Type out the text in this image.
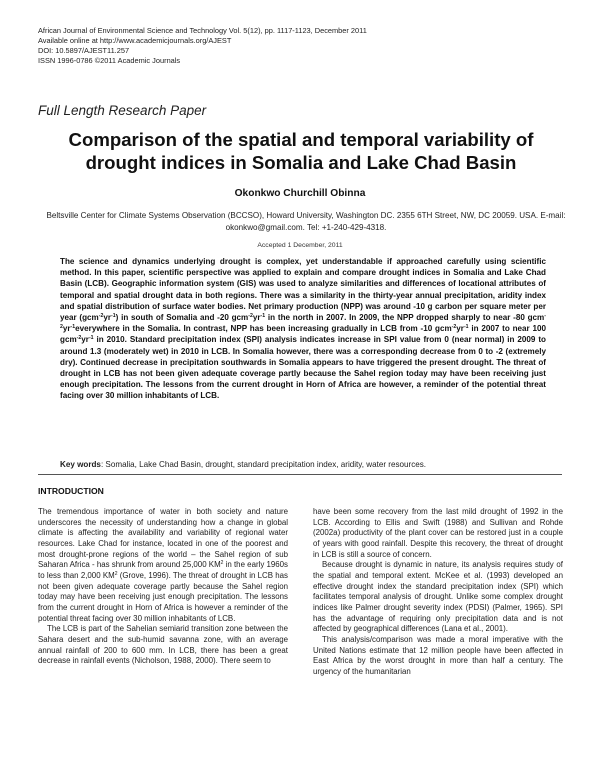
African Journal of Environmental Science and Technology Vol. 5(12), pp. 1117-1123, December 2011
Available online at http://www.academicjournals.org/AJEST
DOI: 10.5897/AJEST11.257
ISSN 1996-0786 ©2011 Academic Journals
Full Length Research Paper
Comparison of the spatial and temporal variability of
drought indices in Somalia and Lake Chad Basin
Okonkwo Churchill Obinna
Beltsville Center for Climate Systems Observation (BCCSO), Howard University, Washington DC. 2355 6TH Street, NW, DC 20059. USA. E-mail: okonkwo@gmail.com. Tel: +1-240-429-4318.
Accepted 1 December, 2011
The science and dynamics underlying drought is complex, yet understandable if approached carefully using scientific method. In this paper, scientific perspective was applied to explain and compare drought indices in Somalia and Lake Chad Basin (LCB). Geographic information system (GIS) was used to analyze similarities and differences of locational attributes of temporal and spatial drought data in both regions. There was a similarity in the thirty-year annual precipitation, aridity index and spatial distribution of surface water bodies. Net primary production (NPP) was around -10 g carbon per square meter per year $(gcm^{-2}yr^{-1})$ in south of Somalia and -20 $gcm^{-2}yr^{-1}$ in the north in 2007. In 2009, the NPP dropped sharply to near -80 $gcm^{-2}yr^{-1}everywhere$ in the Somalia. In contrast, NPP has been increasing gradually in LCB from -10 $gcm^{-2}yr^{-1}$ in 2007 to near 100 $gcm^{-2}yr^{-1}$ in 2010. Standard precipitation index (SPI) analysis indicates increase in SPI value from 0 (near normal) in 2009 to around 1.3 (moderately wet) in 2010 in LCB. In Somalia however, there was a corresponding decrease from 0 to -2 (extremely dry). Continued decrease in precipitation southwards in Somalia appears to have triggered the present drought. The threat of drought in LCB has not been given adequate coverage partly because the Sahel region today may have been receiving just enough precipitation. The lessons from the current drought in Horn of Africa are however, a reminder of the potential threat facing over 30 million inhabitants of LCB.
Key words: Somalia, Lake Chad Basin, drought, standard precipitation index, aridity, water resources.
INTRODUCTION

The tremendous importance of water in both society and nature underscores the necessity of understanding how a change in global climate is affecting the availability and variability of regional water resources. Lake Chad for instance, located in one of the poorest and most drought-prone regions of the world – the Sahel region of sub Saharan Africa - has shrunk from around 25,000 $KM^2$ in the early 1960s to less than 2,000 $KM^2$ (Grove, 1996). The threat of drought in LCB has not been given adequate coverage partly because the Sahel region today may have been receiving just enough precipitation. The lessons from the current drought in Horn of Africa is however a reminder of the potential threat facing over 30 million inhabitants of LCB.

The LCB is part of the Sahelian semiarid transition zone between the Sahara desert and the sub-humid savanna zone, with an average annual rainfall of 200 to 600 mm. In LCB, there has been a great decrease in rainfall events (Nicholson, 1988, 2000). There seem to

have been some recovery from the last mild drought of 1992 in the LCB. According to Ellis and Swift (1988) and Sullivan and Rohde (2002a) productivity of the plant cover can be restored just in a couple of years with good rainfall. Despite this recovery, the threat of drought in LCB is still a source of concern.

Because drought is dynamic in nature, its analysis requires study of the spatial and temporal extent. McKee et al. (1993) developed an effective drought index the standard precipitation index (SPI) which facilitates temporal analysis of drought. Unlike some complex drought indices like Palmer drought severity index (PDSI) (Palmer, 1965). SPI has the advantage of requiring only precipitation data and is not affected by geographical differences (Lana et al., 2001).

This analysis/comparison was made a moral imperative with the United Nations estimate that 12 million people have been affected in East Africa by the worst drought in more than half a century. The urgency of the humanitarian
